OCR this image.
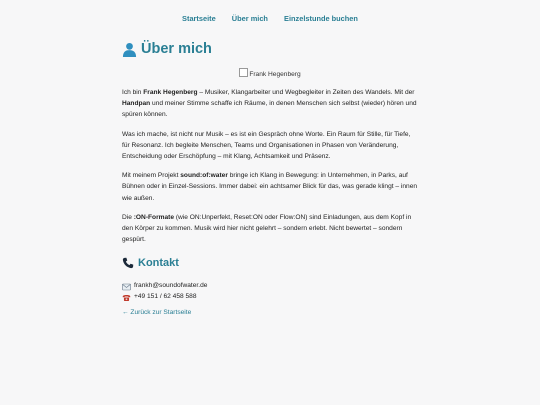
Startseite Über mich Einzelstunde buchen
Über mich
Frank Hegenberg

Ich bin Frank Hegenberg – Musiker, Klangarbeiter und Wegbegleiter in Zeiten des Wandels. Mit der Handpan und meiner Stimme schaffe ich Räume, in denen Menschen sich selbst (wieder) hören und spüren können.

Was ich mache, ist nicht nur Musik – es ist ein Gespräch ohne Worte. Ein Raum für Stille, für Tiefe, für Resonanz. Ich begleite Menschen, Teams und Organisationen in Phasen von Veränderung, Entscheidung oder Erschöpfung – mit Klang, Achtsamkeit und Präsenz.

Mit meinem Projekt sound:of:water bringe ich Klang in Bewegung: in Unternehmen, in Parks, auf Bühnen oder in Einzel-Sessions. Immer dabei: ein achtsamer Blick für das, was gerade klingt – innen wie außen.

Die :ON-Formate (wie ON:Unperfekt, Reset:ON oder Flow:ON) sind Einladungen, aus dem Kopf in den Körper zu kommen. Musik wird hier nicht gelehrt – sondern erlebt. Nicht bewertet – sondern gespürt.

Kontakt
frankh@soundofwater.de
+49 151 / 62 458 588
← Zurück zur Startseite
